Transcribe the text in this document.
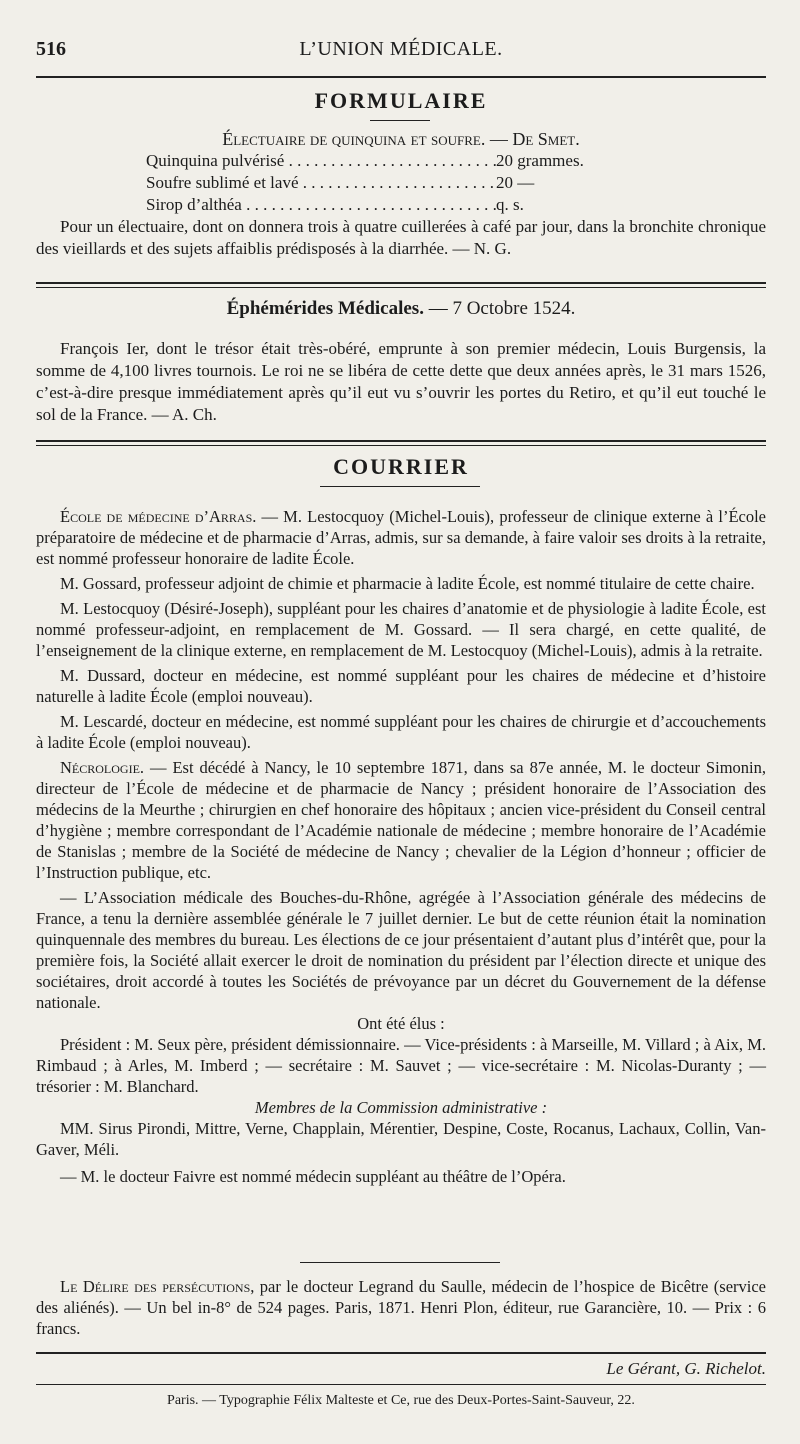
516	L’UNION MÉDICALE.
FORMULAIRE
Électuaire de quinquina et soufre. — De Smet.
Quinquina pulvérisé . . .	20 grammes.
Soufre sublimé et lavé . . .	20 —
Sirop d’althéa . . .	q. s.

Pour un électuaire, dont on donnera trois à quatre cuillerées à café par jour, dans la bronchite chronique des vieillards et des sujets affaiblis prédisposés à la diarrhée. — N. G.

Éphémérides Médicales. — 7 Octobre 1524.

François Ier, dont le trésor était très-obéré, emprunte à son premier médecin, Louis Burgensis, la somme de 4,100 livres tournois. Le roi ne se libéra de cette dette que deux années après, le 31 mars 1526, c’est-à-dire presque immédiatement après qu’il eut vu s’ouvrir les portes du Retiro, et qu’il eut touché le sol de la France. — A. Ch.

COURRIER

École de médecine d’Arras. — M. Lestocquoy (Michel-Louis), professeur de clinique externe à l’École préparatoire de médecine et de pharmacie d’Arras, admis, sur sa demande, à faire valoir ses droits à la retraite, est nommé professeur honoraire de ladite École.

M. Gossard, professeur adjoint de chimie et pharmacie à ladite École, est nommé titulaire de cette chaire.

M. Lestocquoy (Désiré-Joseph), suppléant pour les chaires d’anatomie et de physiologie à ladite École, est nommé professeur-adjoint, en remplacement de M. Gossard. — Il sera chargé, en cette qualité, de l’enseignement de la clinique externe, en remplacement de M. Lestocquoy (Michel-Louis), admis à la retraite.

M. Dussard, docteur en médecine, est nommé suppléant pour les chaires de médecine et d’histoire naturelle à ladite École (emploi nouveau).

M. Lescardé, docteur en médecine, est nommé suppléant pour les chaires de chirurgie et d’accouchements à ladite École (emploi nouveau).

Nécrologie. — Est décédé à Nancy, le 10 septembre 1871, dans sa 87e année, M. le docteur Simonin, directeur de l’École de médecine et de pharmacie de Nancy ; président honoraire de l’Association des médecins de la Meurthe ; chirurgien en chef honoraire des hôpitaux ; ancien vice-président du Conseil central d’hygiène ; membre correspondant de l’Académie nationale de médecine ; membre honoraire de l’Académie de Stanislas ; membre de la Société de médecine de Nancy ; chevalier de la Légion d’honneur ; officier de l’Instruction publique, etc.

— L’Association médicale des Bouches-du-Rhône, agrégée à l’Association générale des médecins de France, a tenu la dernière assemblée générale le 7 juillet dernier. Le but de cette réunion était la nomination quinquennale des membres du bureau. Les élections de ce jour présentaient d’autant plus d’intérêt que, pour la première fois, la Société allait exercer le droit de nomination du président par l’élection directe et unique des sociétaires, droit accordé à toutes les Sociétés de prévoyance par un décret du Gouvernement de la défense nationale.

Ont été élus :

Président : M. Seux père, président démissionnaire. — Vice-présidents : à Marseille, M. Villard ; à Aix, M. Rimbaud ; à Arles, M. Imberd ; — secrétaire : M. Sauvet ; — vice-secrétaire : M. Nicolas-Duranty ; — trésorier : M. Blanchard.

Membres de la Commission administrative :

MM. Sirus Pirondi, Mittre, Verne, Chapplain, Mérentier, Despine, Coste, Rocanus, Lachaux, Collin, Van-Gaver, Méli.

— M. le docteur Faivre est nommé médecin suppléant au théâtre de l’Opéra.

Le Délire des persécutions, par le docteur Legrand du Saulle, médecin de l’hospice de Bicêtre (service des aliénés). — Un bel in-8° de 524 pages. Paris, 1871. Henri Plon, éditeur, rue Garancière, 10. — Prix : 6 francs.

Le Gérant, G. Richelot.
Paris. — Typographie Félix Malteste et Ce, rue des Deux-Portes-Saint-Sauveur, 22.
